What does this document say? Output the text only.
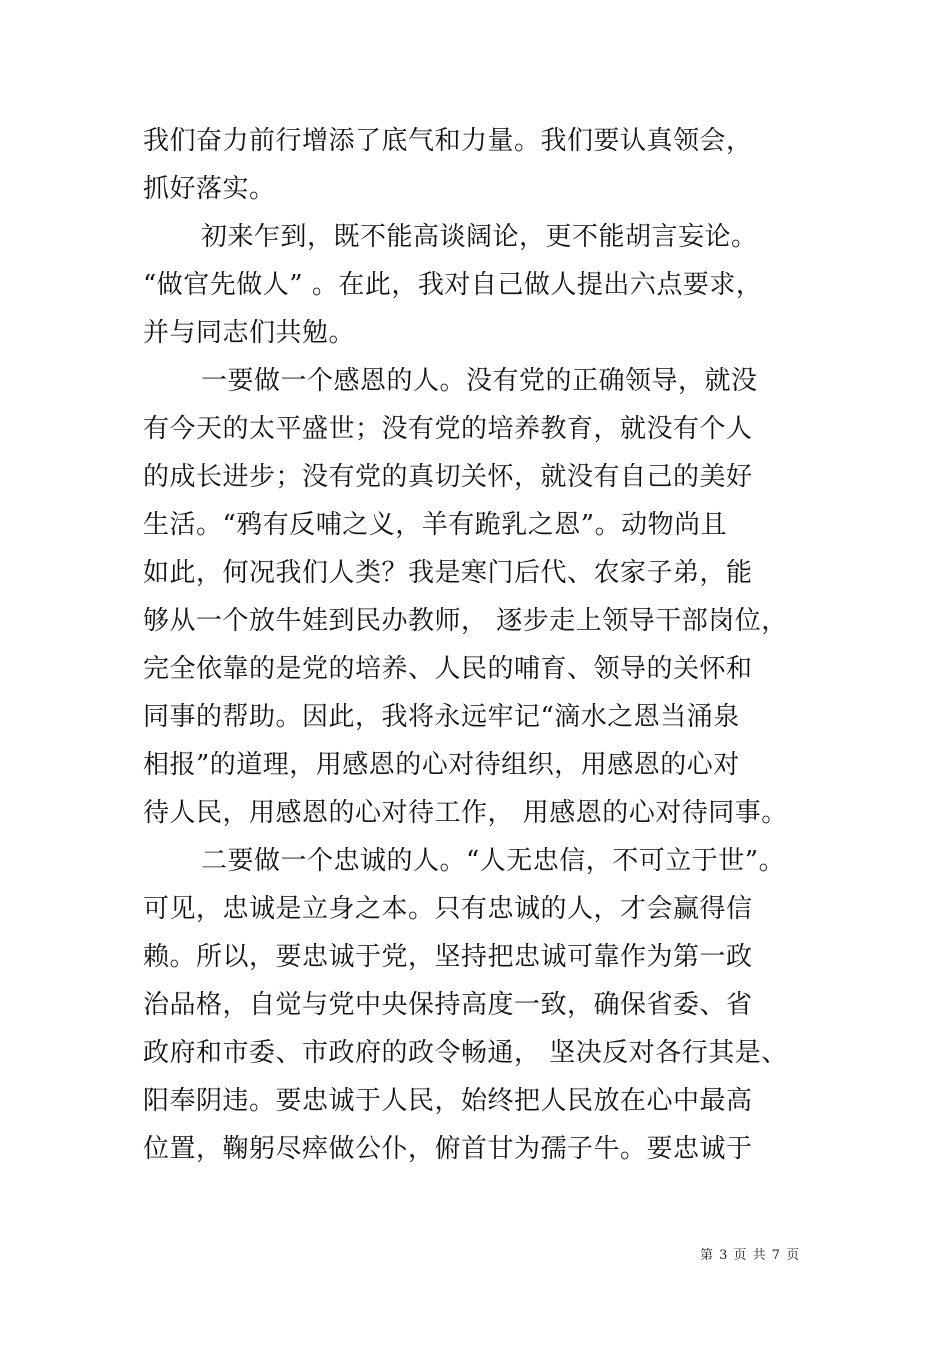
我们奋力前行增添了底气和力量。我们要认真领会，
抓好落实。
初来乍到，既不能高谈阔论，更不能胡言妄论。
“做官先做人” 。在此，我对自己做人提出六点要求，
并与同志们共勉。
一要做一个感恩的人。没有党的正确领导，就没
有今天的太平盛世；没有党的培养教育，就没有个人
的成长进步；没有党的真切关怀，就没有自己的美好
生活。“鸦有反哺之义，羊有跪乳之恩”。动物尚且
如此，何况我们人类？我是寒门后代、农家子弟，能
够从一个放牛娃到民办教师， 逐步走上领导干部岗位，
完全依靠的是党的培养、人民的哺育、领导的关怀和
同事的帮助。因此，我将永远牢记“滴水之恩当涌泉
相报”的道理，用感恩的心对待组织，用感恩的心对
待人民，用感恩的心对待工作， 用感恩的心对待同事。
二要做一个忠诚的人。“人无忠信，不可立于世”。
可见，忠诚是立身之本。只有忠诚的人，才会赢得信
赖。所以，要忠诚于党，坚持把忠诚可靠作为第一政
治品格，自觉与党中央保持高度一致，确保省委、省
政府和市委、市政府的政令畅通， 坚决反对各行其是、
阳奉阴违。要忠诚于人民，始终把人民放在心中最高
位置，鞠躬尽瘁做公仆，俯首甘为孺子牛。要忠诚于
第 3 页 共 7 页
